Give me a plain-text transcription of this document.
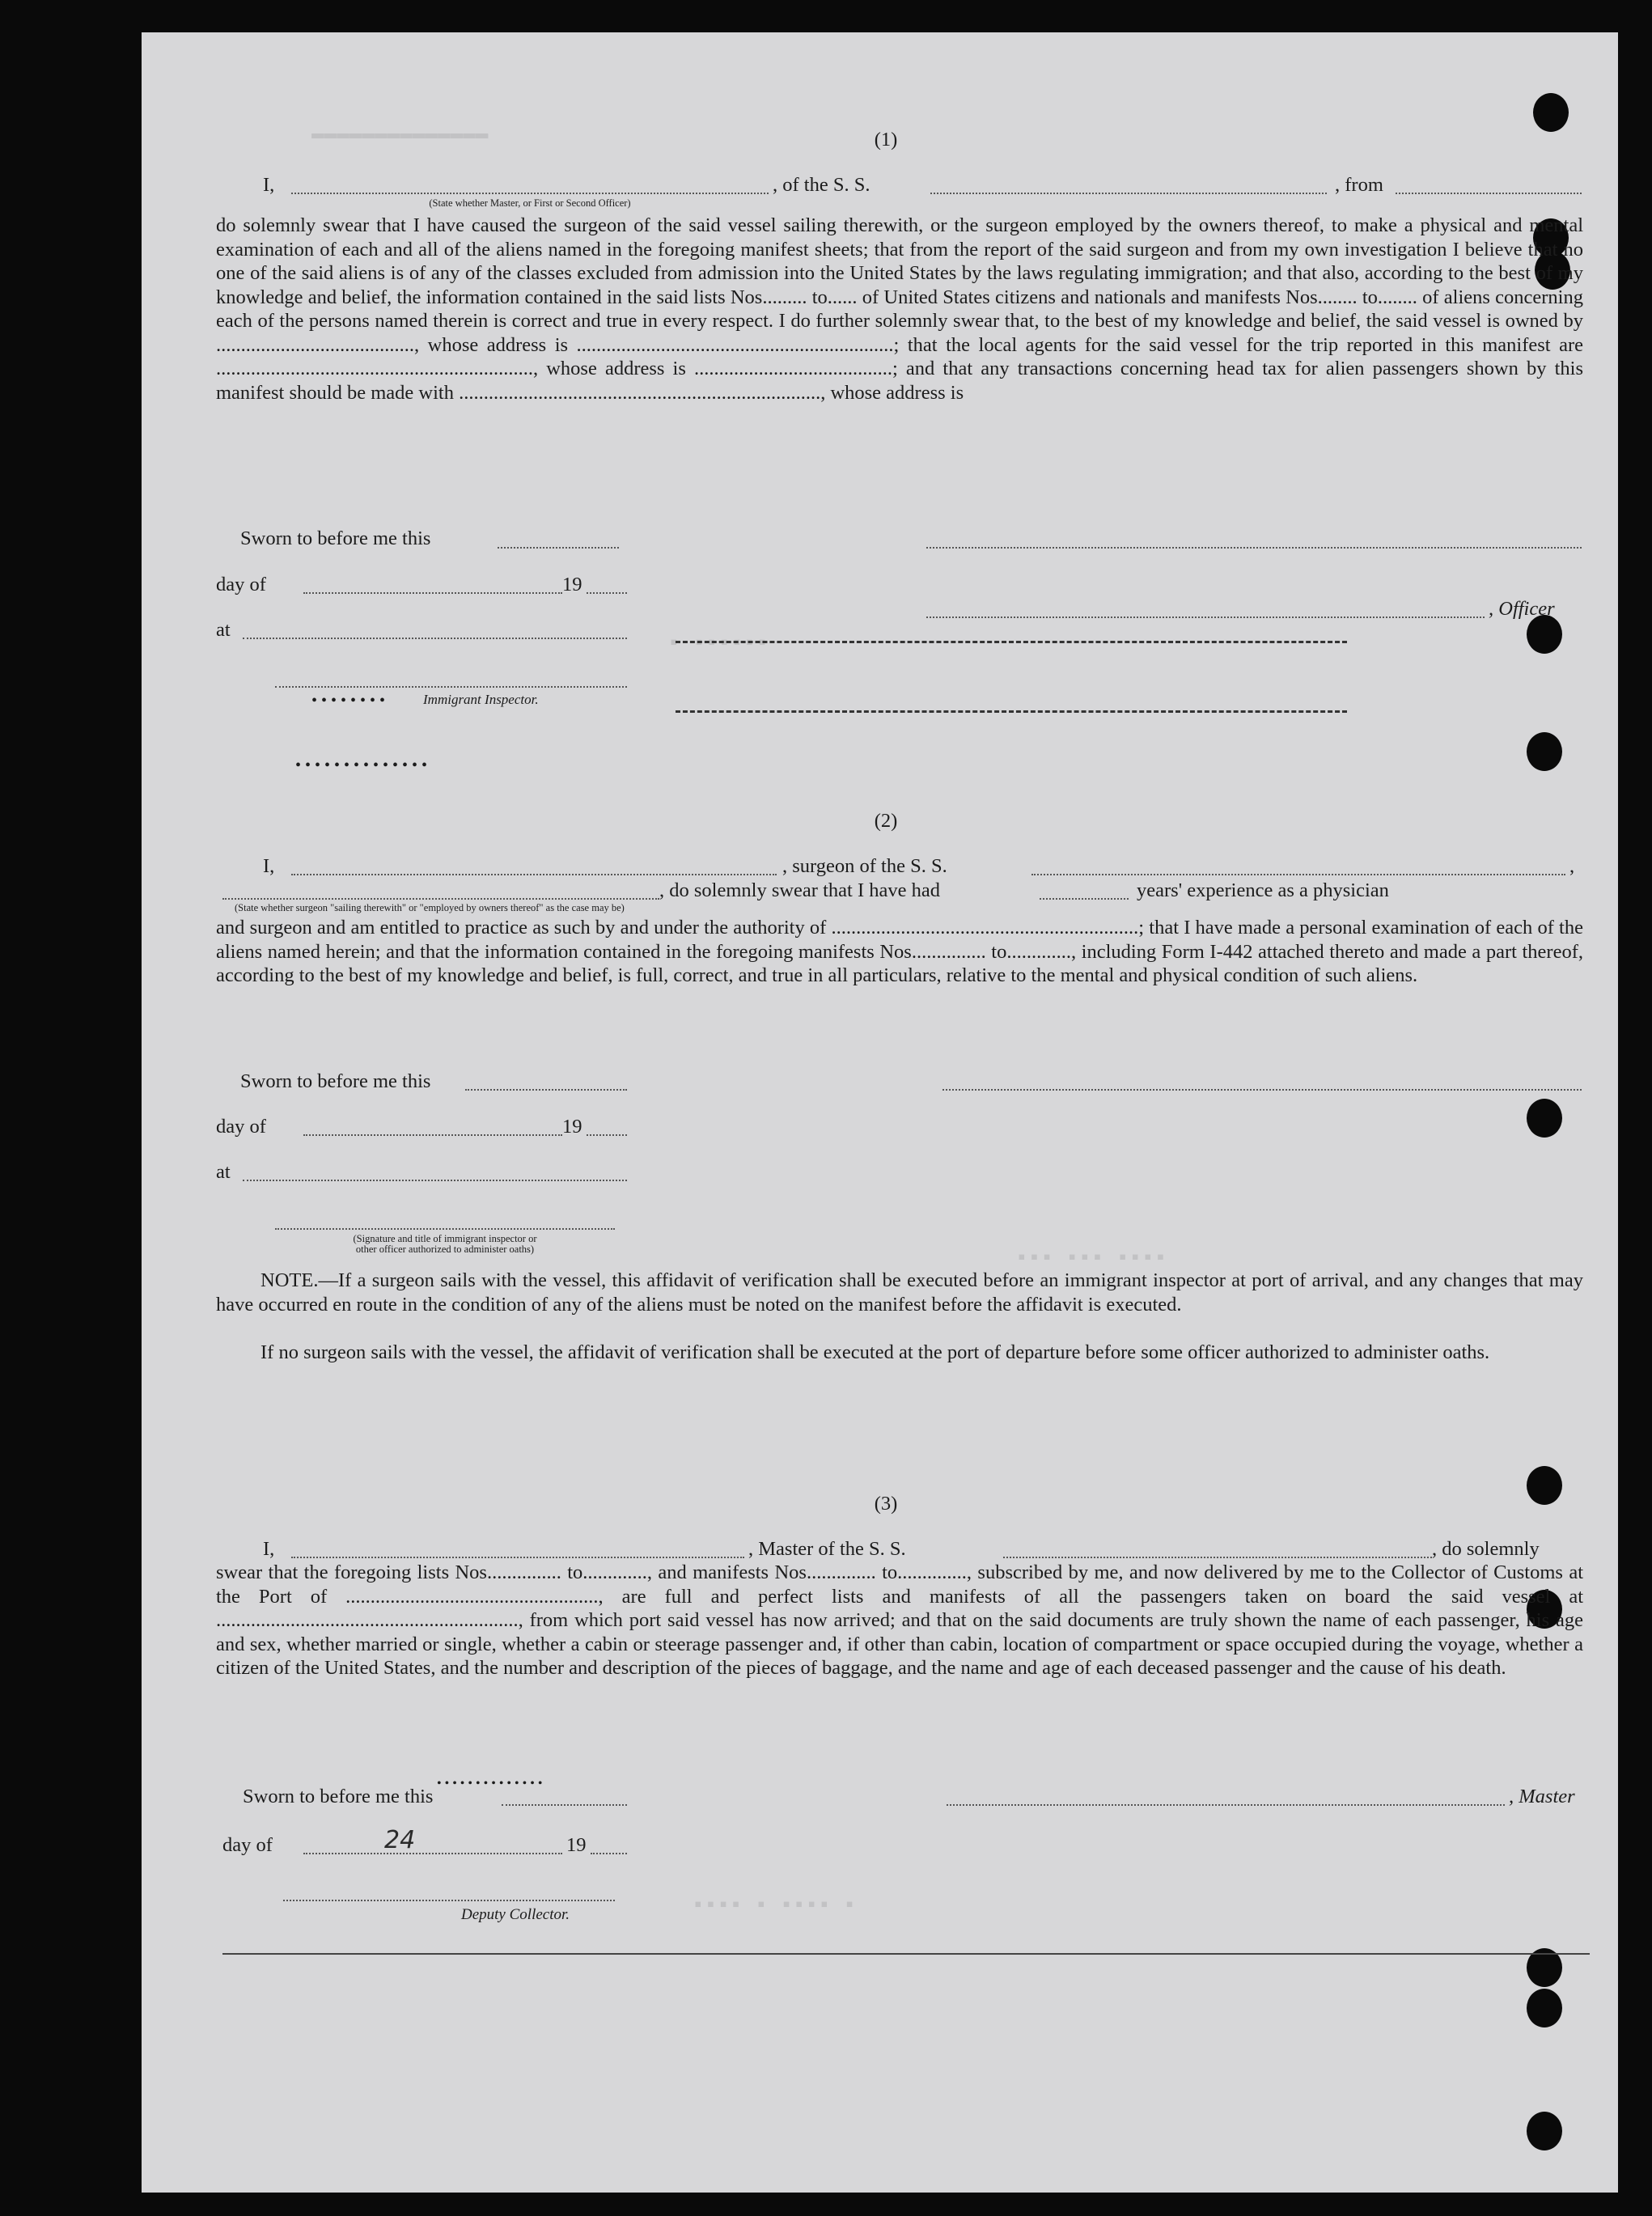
▬▬▬▬▬▬▬▬▬▬▬▬▬▬
▪ ▪▪▪▪▪▪
▪▪▪ ▪▪▪ ▪▪▪▪
▪▪▪▪ ▪ ▪▪▪▪ ▪
(1)
I,	, of the S. S.	, from
(State whether Master, or First or Second Officer)
do solemnly swear that I have caused the surgeon of the said vessel sailing therewith, or the surgeon employed by the owners thereof, to make a physical and mental examination of each and all of the aliens named in the foregoing manifest sheets; that from the report of the said surgeon and from my own investigation I believe that no one of the said aliens is of any of the classes excluded from admission into the United States by the laws regulating immigration; and that also, according to the best of my knowledge and belief, the information contained in the said lists Nos......... to...... of United States citizens and nationals and manifests Nos........ to........ of aliens concerning each of the persons named therein is correct and true in every respect. I do further solemnly swear that, to the best of my knowledge and belief, the said vessel is owned by ........................................, whose address is ................................................................; that the local agents for the said vessel for the trip reported in this manifest are ................................................................, whose address is ........................................; and that any transactions concerning head tax for alien passengers shown by this manifest should be made with ........................................................................., whose address is
Sworn to before me this
day of	19
, Officer
at
• • • • • • • •	Immigrant Inspector.
• • • • • • • • • • • • • •
(2)
I,	, surgeon of the S. S.	,
, do solemnly swear that I have had	years' experience as a physician
(State whether surgeon "sailing therewith" or "employed by owners thereof" as the case may be)
and surgeon and am entitled to practice as such by and under the authority of ..............................................................; that I have made a personal examination of each of the aliens named herein; and that the information contained in the foregoing manifests Nos............... to............., including Form I-442 attached thereto and made a part thereof, according to the best of my knowledge and belief, is full, correct, and true in all particulars, relative to the mental and physical condition of such aliens.
Sworn to before me this
day of	19
at
(Signature and title of immigrant inspector or
other officer authorized to administer oaths)
NOTE.—If a surgeon sails with the vessel, this affidavit of verification shall be executed before an immigrant inspector at port of arrival, and any changes that may have occurred en route in the condition of any of the aliens must be noted on the manifest before the affidavit is executed.
If no surgeon sails with the vessel, the affidavit of verification shall be executed at the port of departure before some officer authorized to administer oaths.
(3)
I,	, Master of the S. S.	, do solemnly
swear that the foregoing lists Nos............... to............., and manifests Nos.............. to.............., subscribed by me, and now delivered by me to the Collector of Customs at the Port of ..................................................., are full and perfect lists and manifests of all the passengers taken on board the said vessel at ............................................................., from which port said vessel has now arrived; and that on the said documents are truly shown the name of each passenger, his age and sex, whether married or single, whether a cabin or steerage passenger and, if other than cabin, location of compartment or space occupied during the voyage, whether a citizen of the United States, and the number and description of the pieces of baggage, and the name and age of each deceased passenger and the cause of his death.
Sworn to before me this
• • • • • • • • • • • • • •
, Master
day of	24	19
Deputy Collector.
